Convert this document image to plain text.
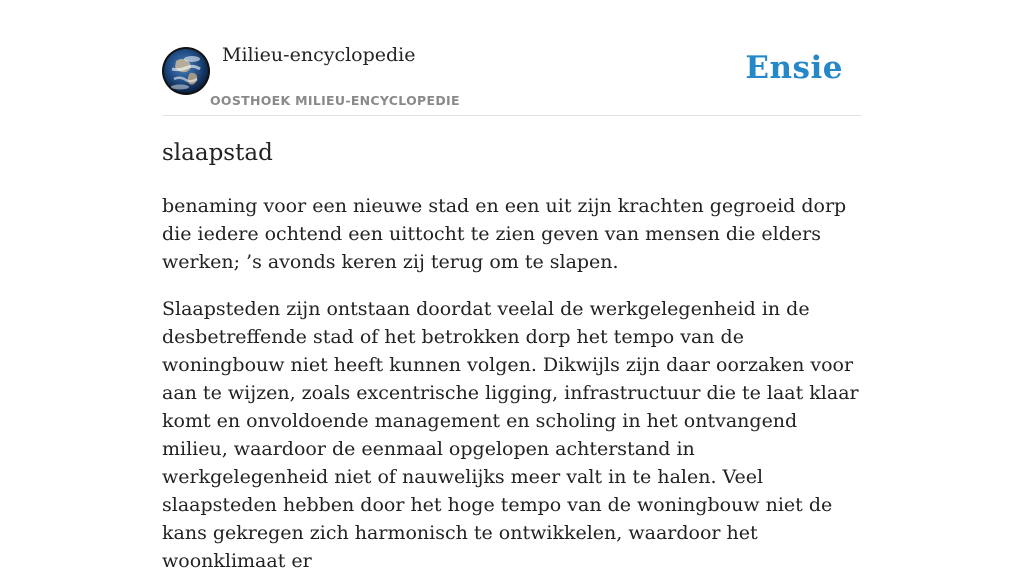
Milieu-encyclopedie
OOSTHOEK MILIEU-ENCYCLOPEDIE
Ensie
slaapstad

benaming voor een nieuwe stad en een uit zijn krachten gegroeid dorp die iedere ochtend een uittocht te zien geven van mensen die elders werken; ’s avonds keren zij terug om te slapen.

Slaapsteden zijn ontstaan doordat veelal de werkgelegenheid in de desbetreffende stad of het betrokken dorp het tempo van de woningbouw niet heeft kunnen volgen. Dikwijls zijn daar oorzaken voor aan te wijzen, zoals excentrische ligging, infrastructuur die te laat klaar komt en onvoldoende management en scholing in het ontvangend milieu, waardoor de eenmaal opgelopen achterstand in werkgelegenheid niet of nauwelijks meer valt in te halen. Veel slaapsteden hebben door het hoge tempo van de woningbouw niet de kans gekregen zich harmonisch te ontwikkelen, waardoor het woonklimaat er
